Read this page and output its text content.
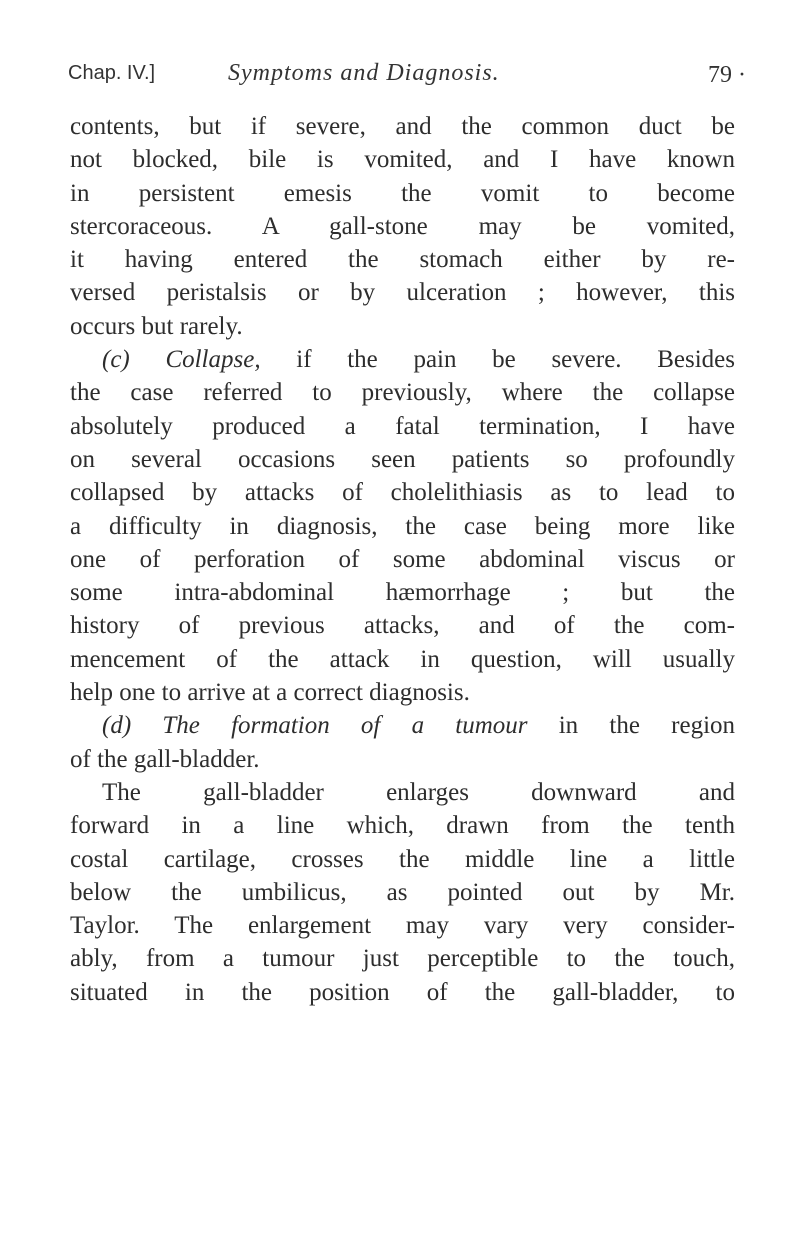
Chap. IV.]	Symptoms and Diagnosis.	79 ·
contents, but if severe, and the common duct be
not blocked, bile is vomited, and I have known
in persistent emesis the vomit to become
stercoraceous. A gall-stone may be vomited,
it having entered the stomach either by re-
versed peristalsis or by ulceration ; however, this
occurs but rarely.
(c) Collapse, if the pain be severe. Besides
the case referred to previously, where the collapse
absolutely produced a fatal termination, I have
on several occasions seen patients so profoundly
collapsed by attacks of cholelithiasis as to lead to
a difficulty in diagnosis, the case being more like
one of perforation of some abdominal viscus or
some intra-abdominal hæmorrhage ; but the
history of previous attacks, and of the com-
mencement of the attack in question, will usually
help one to arrive at a correct diagnosis.
(d) The formation of a tumour in the region
of the gall-bladder.
The gall-bladder enlarges downward and
forward in a line which, drawn from the tenth
costal cartilage, crosses the middle line a little
below the umbilicus, as pointed out by Mr.
Taylor. The enlargement may vary very consider-
ably, from a tumour just perceptible to the touch,
situated in the position of the gall-bladder, to
